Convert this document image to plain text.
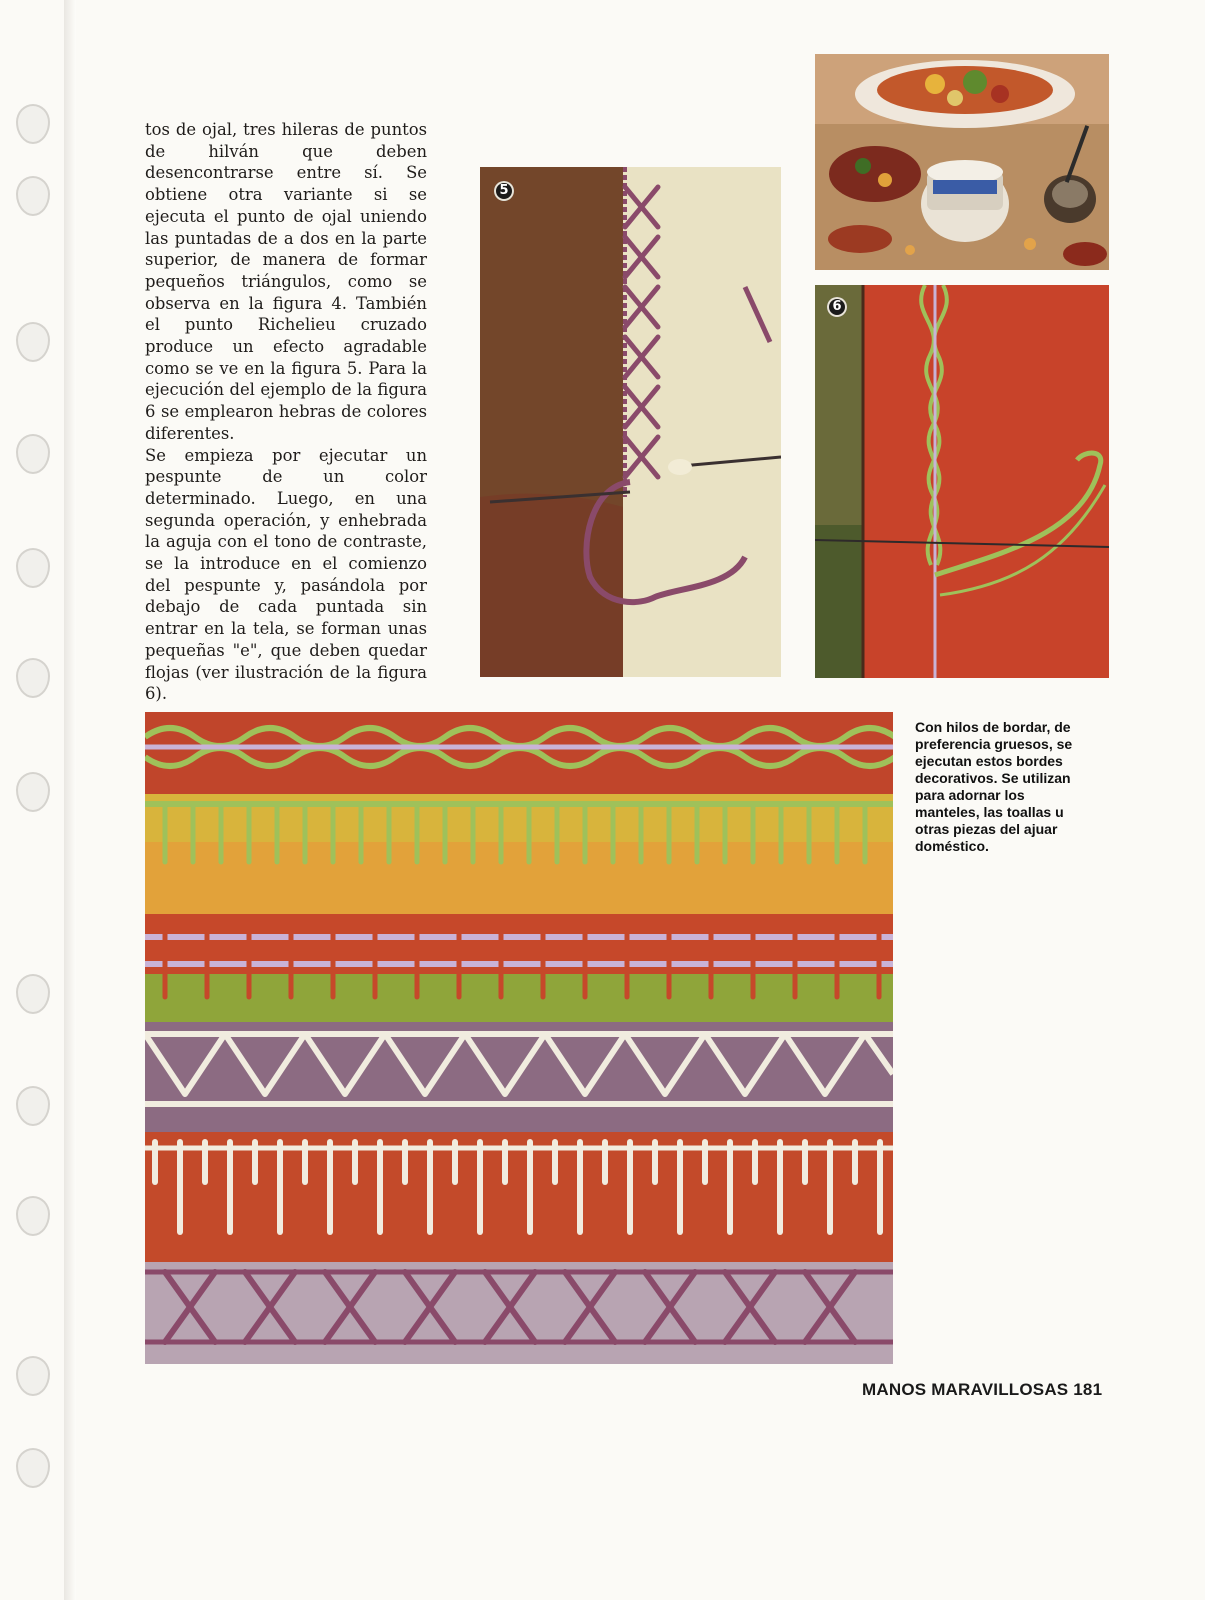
tos de ojal, tres hileras de puntos de hilván que deben desencontrarse entre sí. Se obtiene otra variante si se ejecuta el punto de ojal uniendo las puntadas de a dos en la parte superior, de manera de formar pequeños triángulos, como se observa en la figura 4. También el punto Richelieu cruzado produce un efecto agradable como se ve en la figura 5. Para la ejecución del ejemplo de la figura 6 se emplearon hebras de colores diferentes.

Se empieza por ejecutar un pespunte de un color determinado. Luego, en una segunda operación, y enhebrada la aguja con el tono de contraste, se la introduce en el comienzo del pespunte y, pasándola por debajo de cada puntada sin entrar en la tela, se forman unas pequeñas "e", que deben quedar flojas (ver ilustración de la figura 6).

5
6
Con hilos de bordar, de preferencia gruesos, se ejecutan estos bordes decorativos. Se utilizan para adornar los manteles, las toallas u otras piezas del ajuar doméstico.
MANOS MARAVILLOSAS 181
